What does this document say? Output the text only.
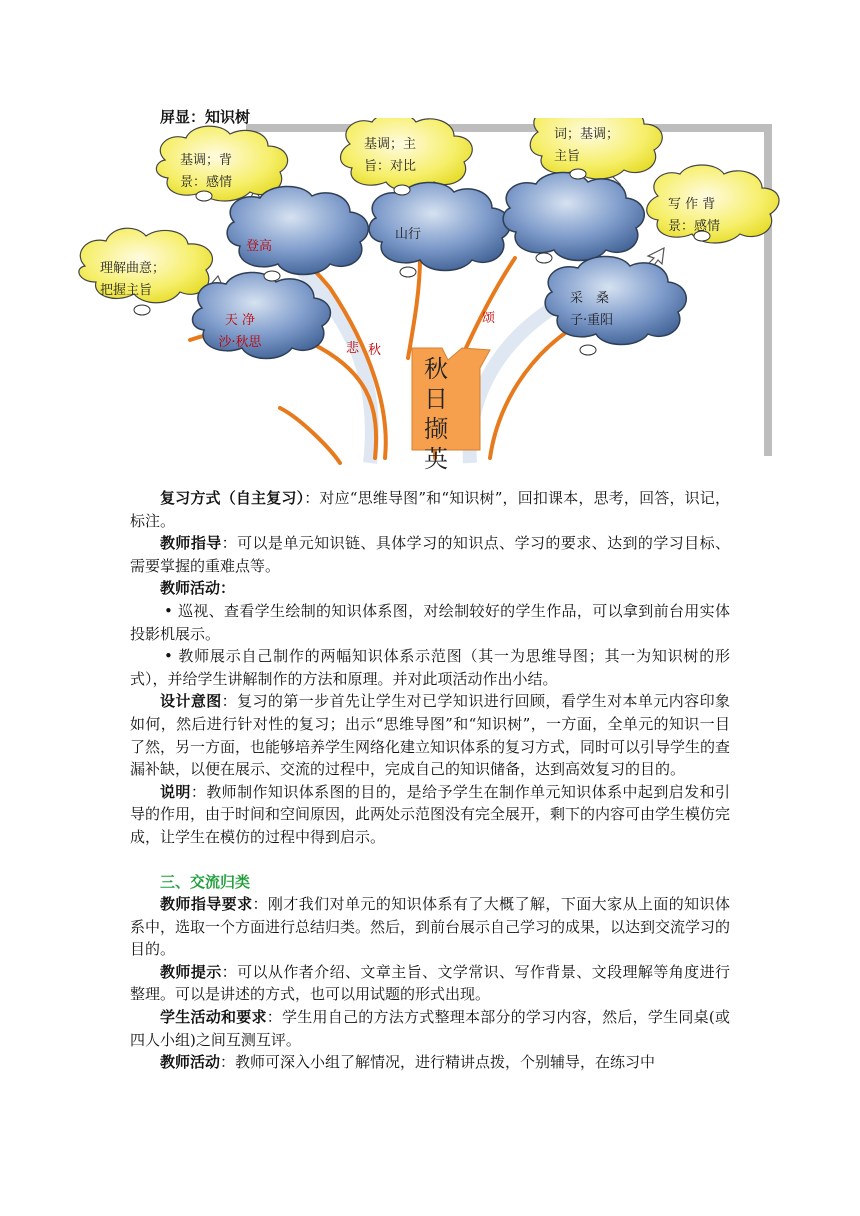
屏显：知识树
天 净
沙·秋思
登高
山行
采　桑
子·重阳
理解曲意；
把握主旨
基调；背
景：感情
基调；主
旨：对比
词；基调；
主旨
写 作 背
景：感情
悲 秋
颂
秋日撷英

复习方式（自主复习）：对应“思维导图”和“知识树”，回扣课本，思考，回答，识记，标注。

教师指导：可以是单元知识链、具体学习的知识点、学习的要求、达到的学习目标、需要掌握的重难点等。

教师活动：

• 巡视、查看学生绘制的知识体系图，对绘制较好的学生作品，可以拿到前台用实体投影机展示。

• 教师展示自己制作的两幅知识体系示范图（其一为思维导图；其一为知识树的形式），并给学生讲解制作的方法和原理。并对此项活动作出小结。

设计意图：复习的第一步首先让学生对已学知识进行回顾，看学生对本单元内容印象如何，然后进行针对性的复习；出示“思维导图”和“知识树”，一方面，全单元的知识一目了然，另一方面，也能够培养学生网络化建立知识体系的复习方式，同时可以引导学生的查漏补缺，以便在展示、交流的过程中，完成自己的知识储备，达到高效复习的目的。

说明：教师制作知识体系图的目的，是给予学生在制作单元知识体系中起到启发和引导的作用，由于时间和空间原因，此两处示范图没有完全展开，剩下的内容可由学生模仿完成，让学生在模仿的过程中得到启示。

三、交流归类

教师指导要求：刚才我们对单元的知识体系有了大概了解，下面大家从上面的知识体系中，选取一个方面进行总结归类。然后，到前台展示自己学习的成果，以达到交流学习的目的。

教师提示：可以从作者介绍、文章主旨、文学常识、写作背景、文段理解等角度进行整理。可以是讲述的方式，也可以用试题的形式出现。

学生活动和要求：学生用自己的方法方式整理本部分的学习内容，然后，学生同桌(或四人小组)之间互测互评。

教师活动：教师可深入小组了解情况，进行精讲点拨，个别辅导，在练习中
